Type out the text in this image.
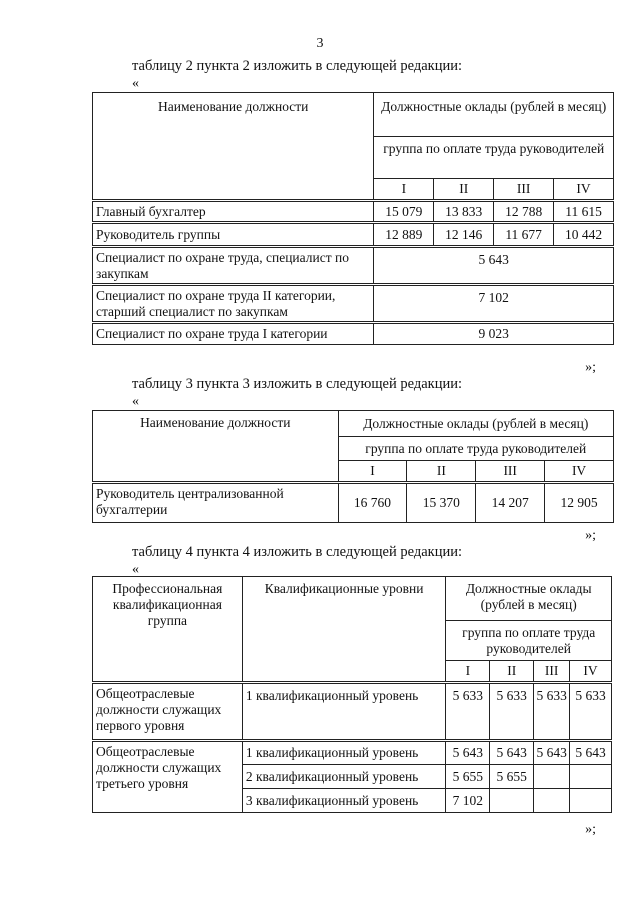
3
таблицу 2 пункта 2 изложить в следующей редакции:
«
Наименование должности	Должностные оклады (рублей в месяц)			
	группа по оплате труда руководителей			
	I	II	III	IV
Главный бухгалтер	15 079	13 833	12 788	11 615
Руководитель группы	12 889	12 146	11 677	10 442
Специалист по охране труда, специалист по закупкам	5 643			
Специалист по охране труда II категории, старший специалист по закупкам	7 102			
Специалист по охране труда I категории	9 023			
»;
таблицу 3 пункта 3 изложить в следующей редакции:
«
Наименование должности	Должностные оклады (рублей в месяц)			
	группа по оплате труда руководителей			
	I	II	III	IV
Руководитель централизованной бухгалтерии	16 760	15 370	14 207	12 905
»;
таблицу 4 пункта 4 изложить в следующей редакции:
«
Профессиональная квалификационная группа	Квалификационные уровни	Должностные оклады (рублей в месяц)			
		группа по оплате труда руководителей			
		I	II	III	IV
Общеотраслевые должности служащих первого уровня	1 квалификационный уровень	5 633	5 633	5 633	5 633
Общеотраслевые должности служащих третьего уровня	1 квалификационный уровень	5 643	5 643	5 643	5 643
	2 квалификационный уровень	5 655	5 655		
	3 квалификационный уровень	7 102			
»;
